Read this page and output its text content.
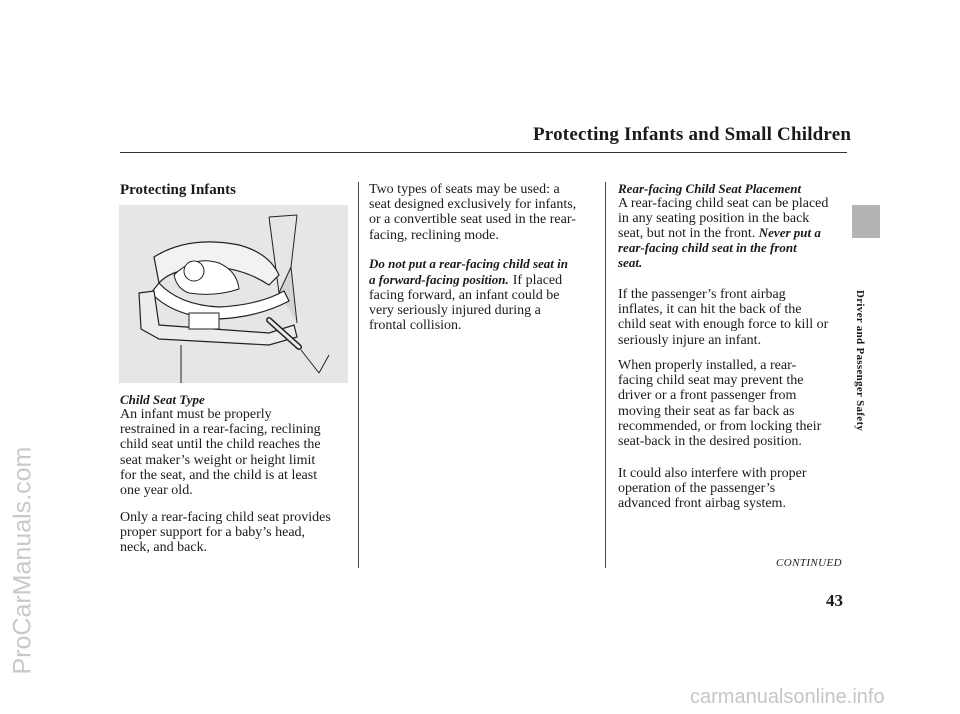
Protecting Infants and Small Children
Driver and Passenger Safety
Protecting Infants
Child Seat Type

An infant must be properly

restrained in a rear-facing, reclining

child seat until the child reaches the

seat maker’s weight or height limit

for the seat, and the child is at least

one year old.

Only a rear-facing child seat provides

proper support for a baby’s head,

neck, and back.

Two types of seats may be used: a

seat designed exclusively for infants,

or a convertible seat used in the rear-

facing, reclining mode.

Do not put a rear-facing child seat in
a forward-facing position. If placed

facing forward, an infant could be

very seriously injured during a

frontal collision.

Rear-facing Child Seat Placement

A rear-facing child seat can be placed

in any seating position in the back

seat, but not in the front. Never put a

rear-facing child seat in the front
seat.

If the passenger’s front airbag

inflates, it can hit the back of the

child seat with enough force to kill or

seriously injure an infant.

When properly installed, a rear-

facing child seat may prevent the

driver or a front passenger from

moving their seat as far back as

recommended, or from locking their

seat-back in the desired position.

It could also interfere with proper

operation of the passenger’s

advanced front airbag system.

CONTINUED
43
ProCarManuals.com
carmanualsonline.info
